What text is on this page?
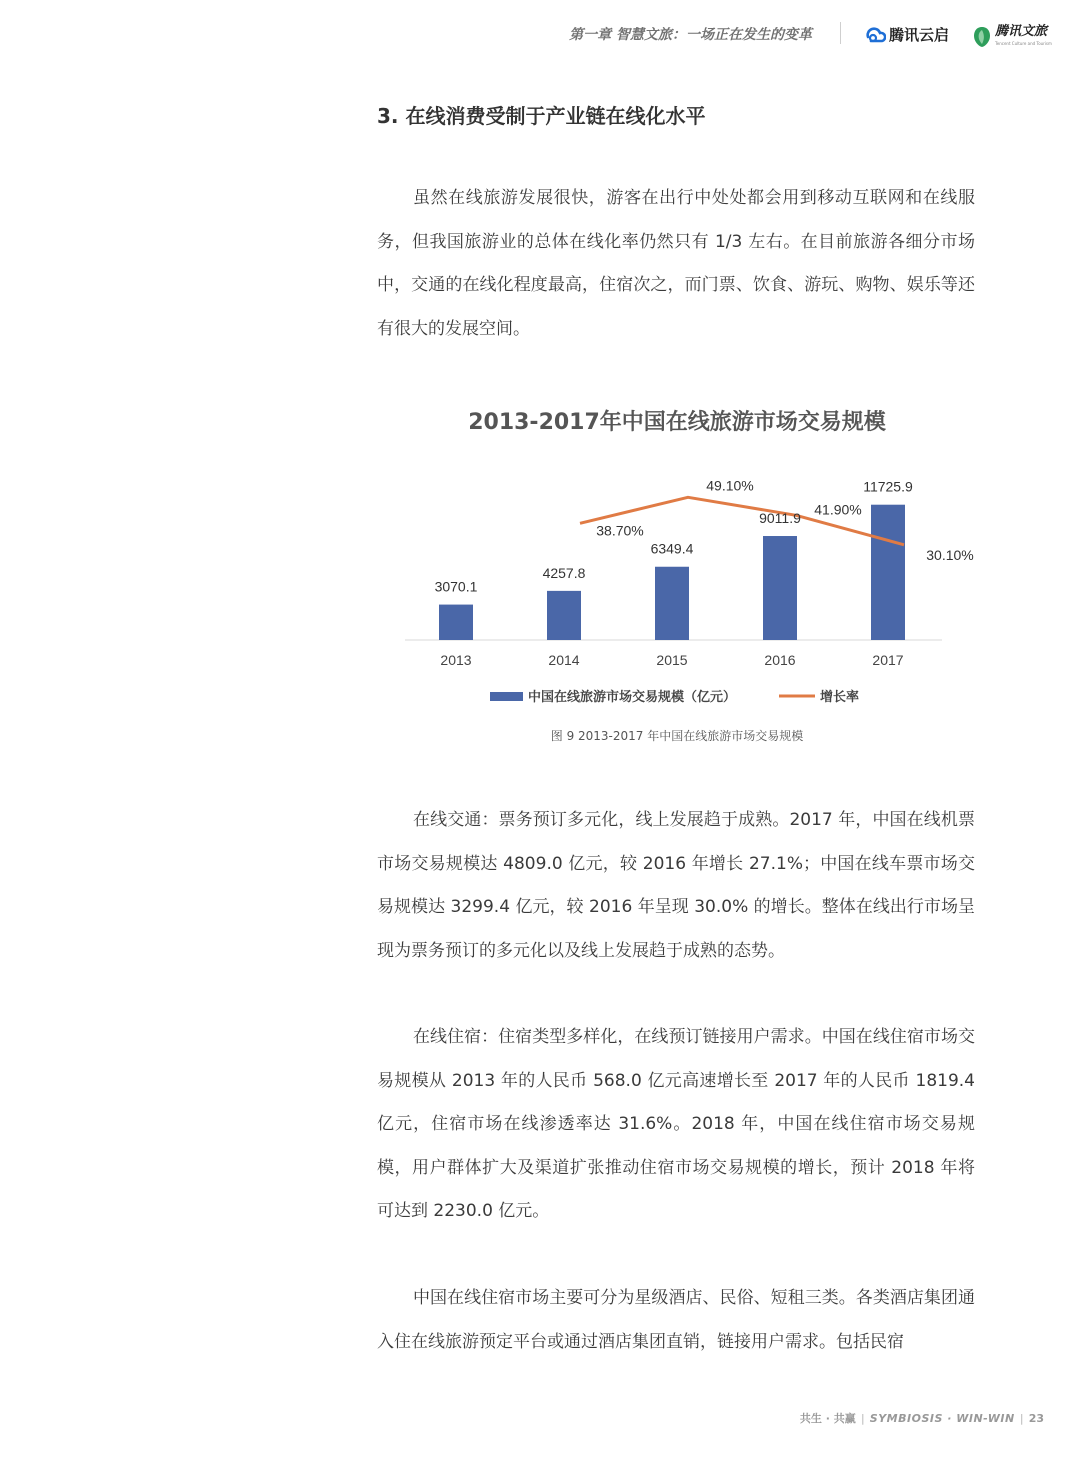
第一章 智慧文旅：一场正在发生的变革	腾讯云启	腾讯文旅
Tencent Culture and Tourism
3. 在线消费受制于产业链在线化水平

虽然在线旅游发展很快，游客在出行中处处都会用到移动互联网和在线服务，但我国旅游业的总体在线化率仍然只有 1/3 左右。在目前旅游各细分市场中，交通的在线化程度最高，住宿次之，而门票、饮食、游玩、购物、娱乐等还有很大的发展空间。

2013-2017年中国在线旅游市场交易规模
3070.1
4257.8
6349.4
9011.9
11725.9
38.70%
49.10%
41.90%
30.10%
2013	2014	2015	2016	2017
中国在线旅游市场交易规模（亿元）	增长率
图 9 2013-2017 年中国在线旅游市场交易规模

在线交通：票务预订多元化，线上发展趋于成熟。2017 年，中国在线机票市场交易规模达 4809.0 亿元，较 2016 年增长 27.1%；中国在线车票市场交易规模达 3299.4 亿元，较 2016 年呈现 30.0% 的增长。整体在线出行市场呈现为票务预订的多元化以及线上发展趋于成熟的态势。

在线住宿：住宿类型多样化，在线预订链接用户需求。中国在线住宿市场交易规模从 2013 年的人民币 568.0 亿元高速增长至 2017 年的人民币 1819.4 亿元，住宿市场在线渗透率达 31.6%。2018 年，中国在线住宿市场交易规模，用户群体扩大及渠道扩张推动住宿市场交易规模的增长，预计 2018 年将可达到 2230.0 亿元。

中国在线住宿市场主要可分为星级酒店、民俗、短租三类。各类酒店集团通入住在线旅游预定平台或通过酒店集团直销，链接用户需求。包括民宿

共生 · 共赢 | SYMBIOSIS · WIN-WIN | 23
